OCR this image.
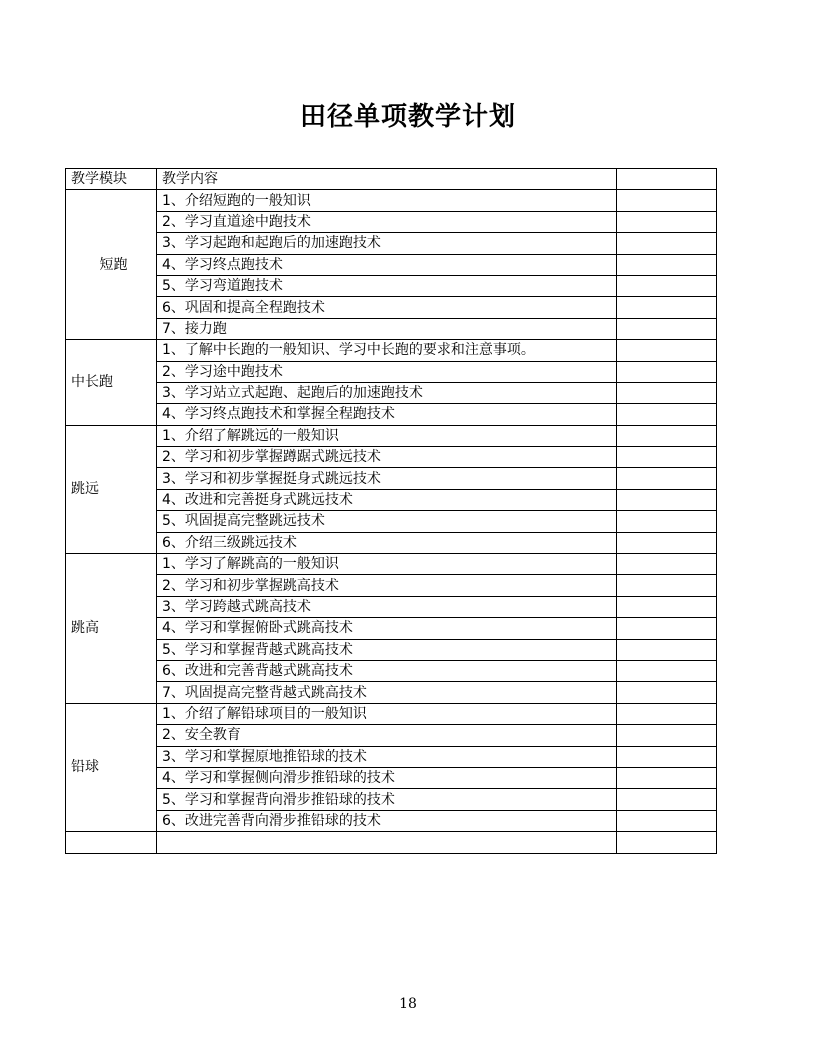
田径单项教学计划
教学模块	教学内容	
短跑	1、介绍短跑的一般知识	
	2、学习直道途中跑技术	
	3、学习起跑和起跑后的加速跑技术	
	4、学习终点跑技术	
	5、学习弯道跑技术	
	6、巩固和提高全程跑技术	
	7、接力跑	
中长跑	1、了解中长跑的一般知识、学习中长跑的要求和注意事项。	
	2、学习途中跑技术	
	3、学习站立式起跑、起跑后的加速跑技术	
	4、学习终点跑技术和掌握全程跑技术	
跳远	1、介绍了解跳远的一般知识	
	2、学习和初步掌握蹲踞式跳远技术	
	3、学习和初步掌握挺身式跳远技术	
	4、改进和完善挺身式跳远技术	
	5、巩固提高完整跳远技术	
	6、介绍三级跳远技术	
跳高	1、学习了解跳高的一般知识	
	2、学习和初步掌握跳高技术	
	3、学习跨越式跳高技术	
	4、学习和掌握俯卧式跳高技术	
	5、学习和掌握背越式跳高技术	
	6、改进和完善背越式跳高技术	
	7、巩固提高完整背越式跳高技术	
铅球	1、介绍了解铅球项目的一般知识	
	2、安全教育	
	3、学习和掌握原地推铅球的技术	
	4、学习和掌握侧向滑步推铅球的技术	
	5、学习和掌握背向滑步推铅球的技术	
	6、改进完善背向滑步推铅球的技术	

18
